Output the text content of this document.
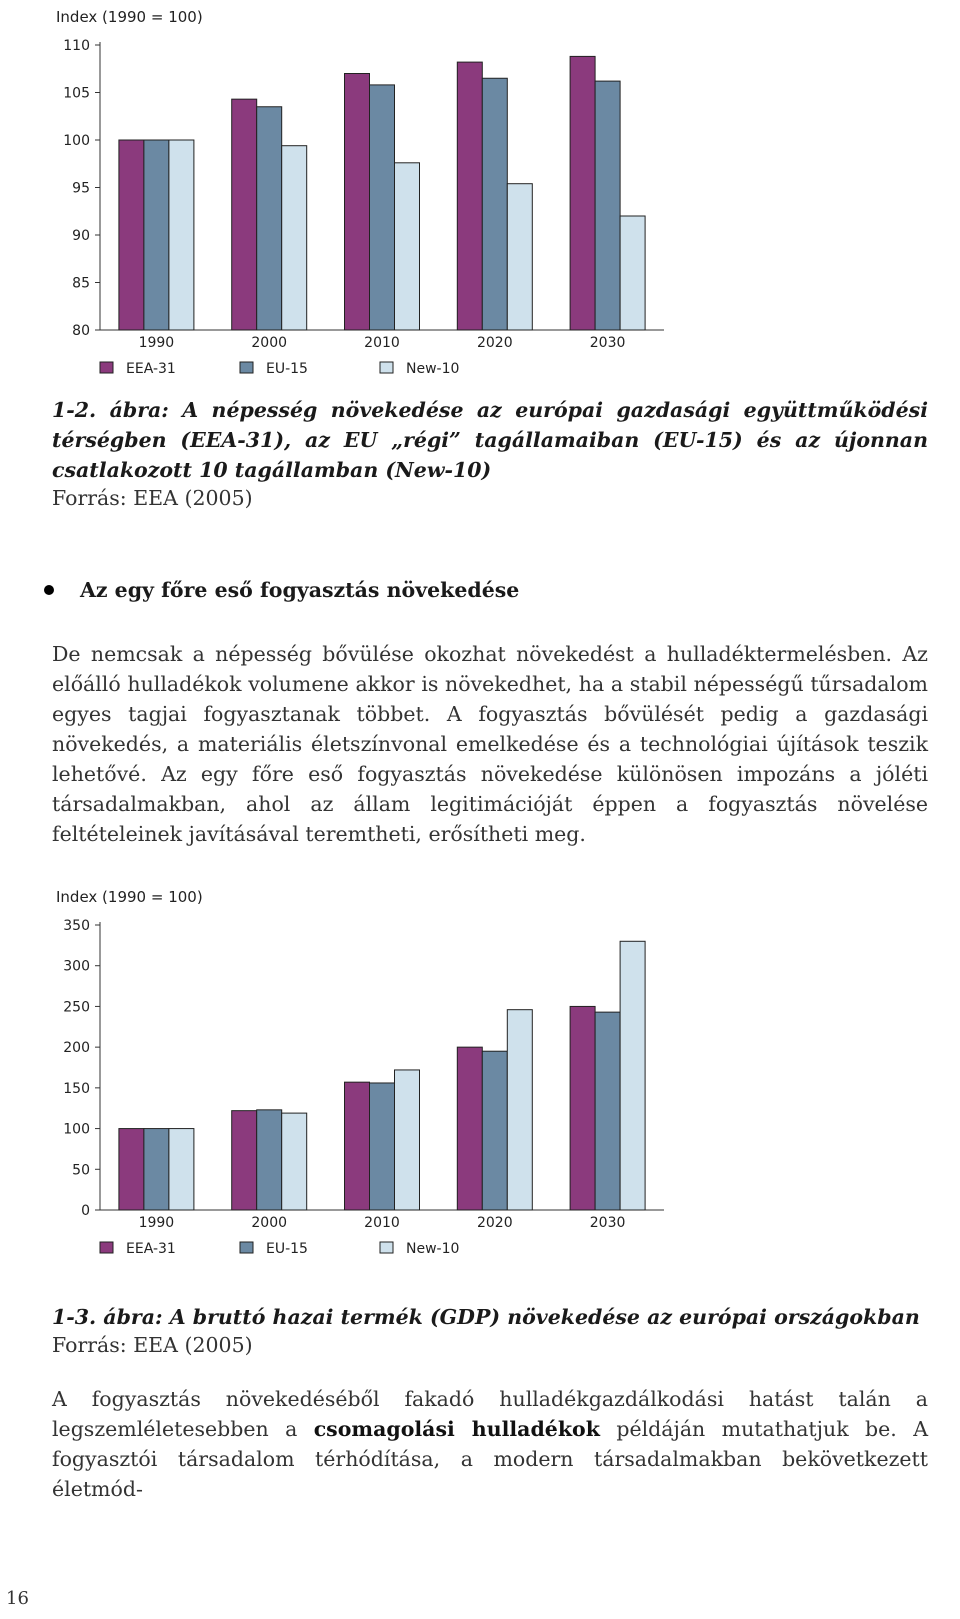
Index (1990 = 100)
80
85
90
95
100
105
110
1990	2000	2010	2020	2030
EEA-31	EU-15	New-10
1-2. ábra: A népesség növekedése az európai gazdasági együttműködési térségben (EEA-31), az EU „régi” tagállamaiban (EU-15) és az újonnan csatlakozott 10 tagállamban (New-10)
Forrás: EEA (2005)
Az egy főre eső fogyasztás növekedése
De nemcsak a népesség bővülése okozhat növekedést a hulladéktermelésben. Az előálló hulladékok volumene akkor is növekedhet, ha a stabil népességű tűrsadalom egyes tagjai fogyasztanak többet. A fogyasztás bővülését pedig a gazdasági növekedés, a materiális életszínvonal emelkedése és a technológiai újítások teszik lehetővé. Az egy főre eső fogyasztás növekedése különösen impozáns a jóléti társadalmakban, ahol az állam legitimációját éppen a fogyasztás növelése feltételeinek javításával teremtheti, erősítheti meg.
Index (1990 = 100)
0
50
100
150
200
250
300
350
1990	2000	2010	2020	2030
EEA-31	EU-15	New-10
1-3. ábra: A bruttó hazai termék (GDP) növekedése az európai országokban
Forrás: EEA (2005)
A fogyasztás növekedéséből fakadó hulladékgazdálkodási hatást talán a legszemléletesebben a csomagolási hulladékok példáján mutathatjuk be. A fogyasztói társadalom térhódítása, a modern társadalmakban bekövetkezett életmód-
16
